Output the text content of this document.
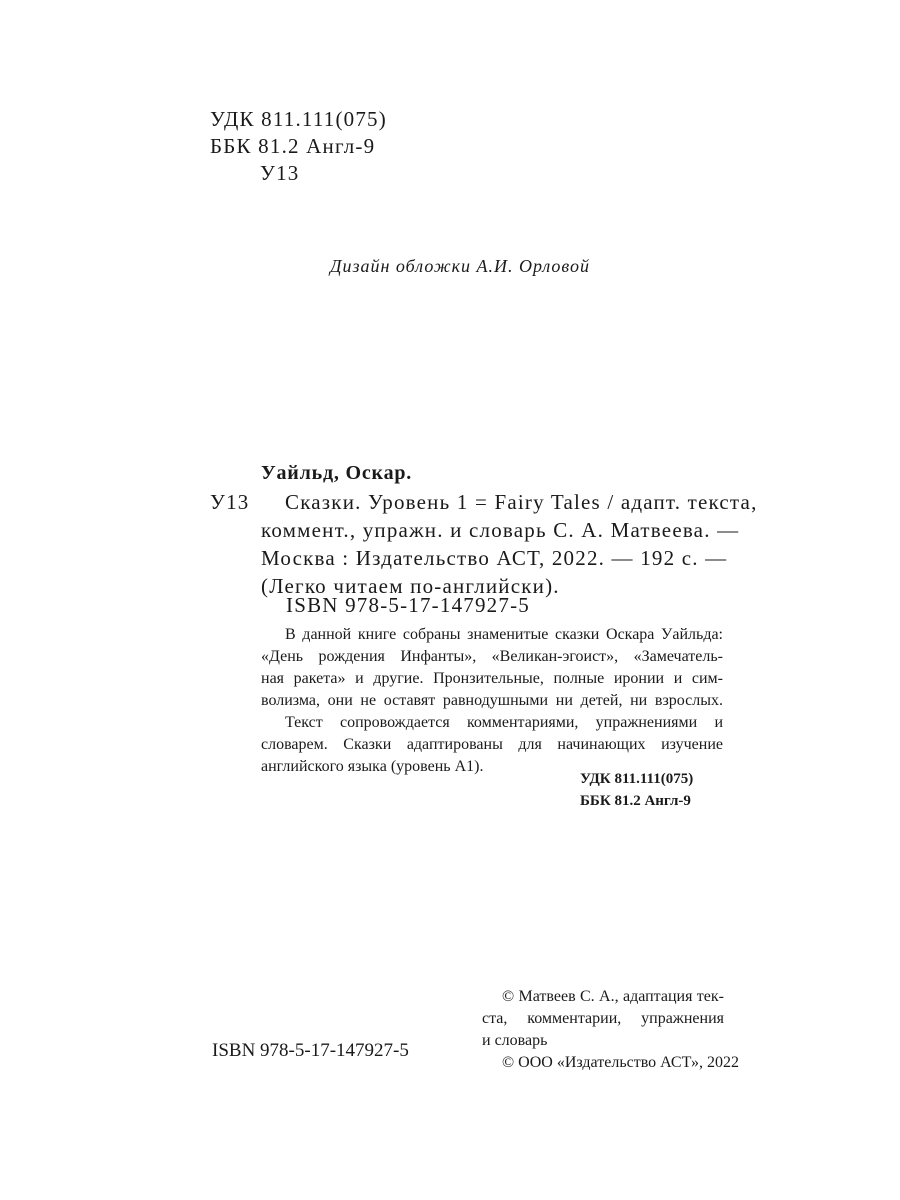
УДК 811.111(075)
ББК 81.2 Англ-9
У13
Дизайн обложки А.И. Орловой
Уайльд, Оскар.
У13	Сказки. Уровень 1 = Fairy Tales / адапт. текста,
коммент., упражн. и словарь С. А. Матвеева. —
Москва : Издательство АСТ, 2022. — 192 с. —
(Легко читаем по-английски).
ISBN 978-5-17-147927-5
В данной книге собраны знаменитые сказки Оскара Уайльда:
«День рождения Инфанты», «Великан-эгоист», «Замечатель-
ная ракета» и другие. Пронзительные, полные иронии и сим-
волизма, они не оставят равнодушными ни детей, ни взрослых.
Текст сопровождается комментариями, упражнениями и
словарем. Сказки адаптированы для начинающих изучение
английского языка (уровень А1).
УДК 811.111(075)
ББК 81.2 Англ-9
ISBN 978-5-17-147927-5
© Матвеев С. А., адаптация тек-
ста, комментарии, упражнения
и словарь
© ООО «Издательство АСТ», 2022
